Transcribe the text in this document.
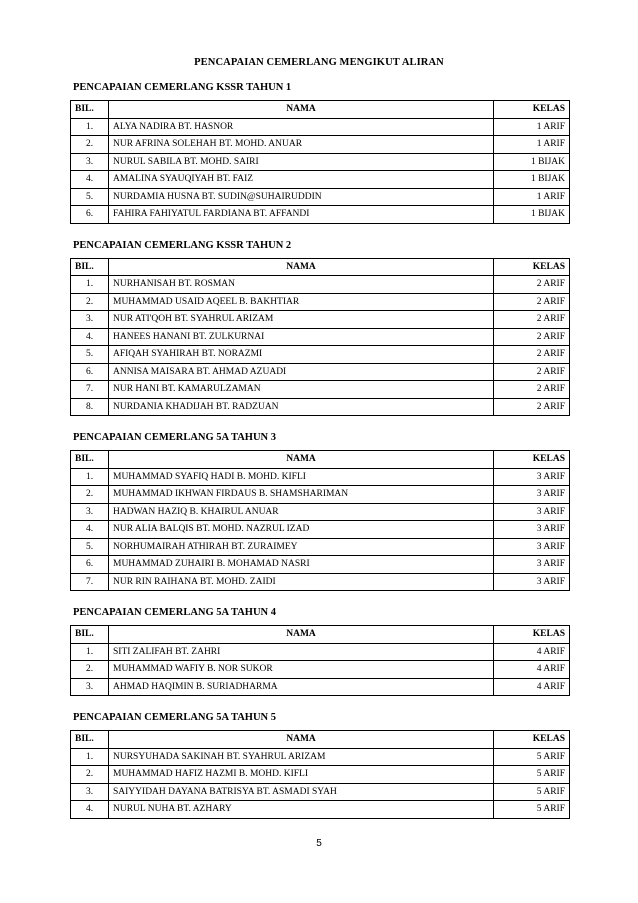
PENCAPAIAN CEMERLANG MENGIKUT ALIRAN
PENCAPAIAN CEMERLANG KSSR TAHUN 1
BIL.	NAMA	KELAS
1.	ALYA NADIRA BT. HASNOR	1 ARIF
2.	NUR AFRINA SOLEHAH BT. MOHD. ANUAR	1 ARIF
3.	NURUL SABILA BT. MOHD. SAIRI	1 BIJAK
4.	AMALINA SYAUQIYAH BT. FAIZ	1 BIJAK
5.	NURDAMIA HUSNA BT. SUDIN@SUHAIRUDDIN	1 ARIF
6.	FAHIRA FAHIYATUL FARDIANA BT. AFFANDI	1 BIJAK
PENCAPAIAN CEMERLANG KSSR TAHUN 2
BIL.	NAMA	KELAS
1.	NURHANISAH BT. ROSMAN	2 ARIF
2.	MUHAMMAD USAID AQEEL B. BAKHTIAR	2 ARIF
3.	NUR ATI'QOH BT. SYAHRUL ARIZAM	2 ARIF
4.	HANEES HANANI BT. ZULKURNAI	2 ARIF
5.	AFIQAH SYAHIRAH BT. NORAZMI	2 ARIF
6.	ANNISA MAISARA BT. AHMAD AZUADI	2 ARIF
7.	NUR HANI BT. KAMARULZAMAN	2 ARIF
8.	NURDANIA KHADIJAH BT. RADZUAN	2 ARIF
PENCAPAIAN CEMERLANG 5A TAHUN 3
BIL.	NAMA	KELAS
1.	MUHAMMAD SYAFIQ HADI B. MOHD. KIFLI	3 ARIF
2.	MUHAMMAD IKHWAN FIRDAUS B. SHAMSHARIMAN	3 ARIF
3.	HADWAN HAZIQ B. KHAIRUL ANUAR	3 ARIF
4.	NUR ALIA BALQIS BT. MOHD. NAZRUL IZAD	3 ARIF
5.	NORHUMAIRAH ATHIRAH BT. ZURAIMEY	3 ARIF
6.	MUHAMMAD ZUHAIRI B. MOHAMAD NASRI	3 ARIF
7.	NUR RIN RAIHANA BT. MOHD. ZAIDI	3 ARIF
PENCAPAIAN CEMERLANG 5A TAHUN 4
BIL.	NAMA	KELAS
1.	SITI ZALIFAH BT. ZAHRI	4 ARIF
2.	MUHAMMAD WAFIY B. NOR SUKOR	4 ARIF
3.	AHMAD HAQIMIN B. SURIADHARMA	4 ARIF
PENCAPAIAN CEMERLANG 5A TAHUN 5
BIL.	NAMA	KELAS
1.	NURSYUHADA SAKINAH BT. SYAHRUL ARIZAM	5 ARIF
2.	MUHAMMAD HAFIZ HAZMI B. MOHD. KIFLI	5 ARIF
3.	SAIYYIDAH DAYANA BATRISYA BT. ASMADI SYAH	5 ARIF
4.	NURUL NUHA BT. AZHARY	5 ARIF
5
